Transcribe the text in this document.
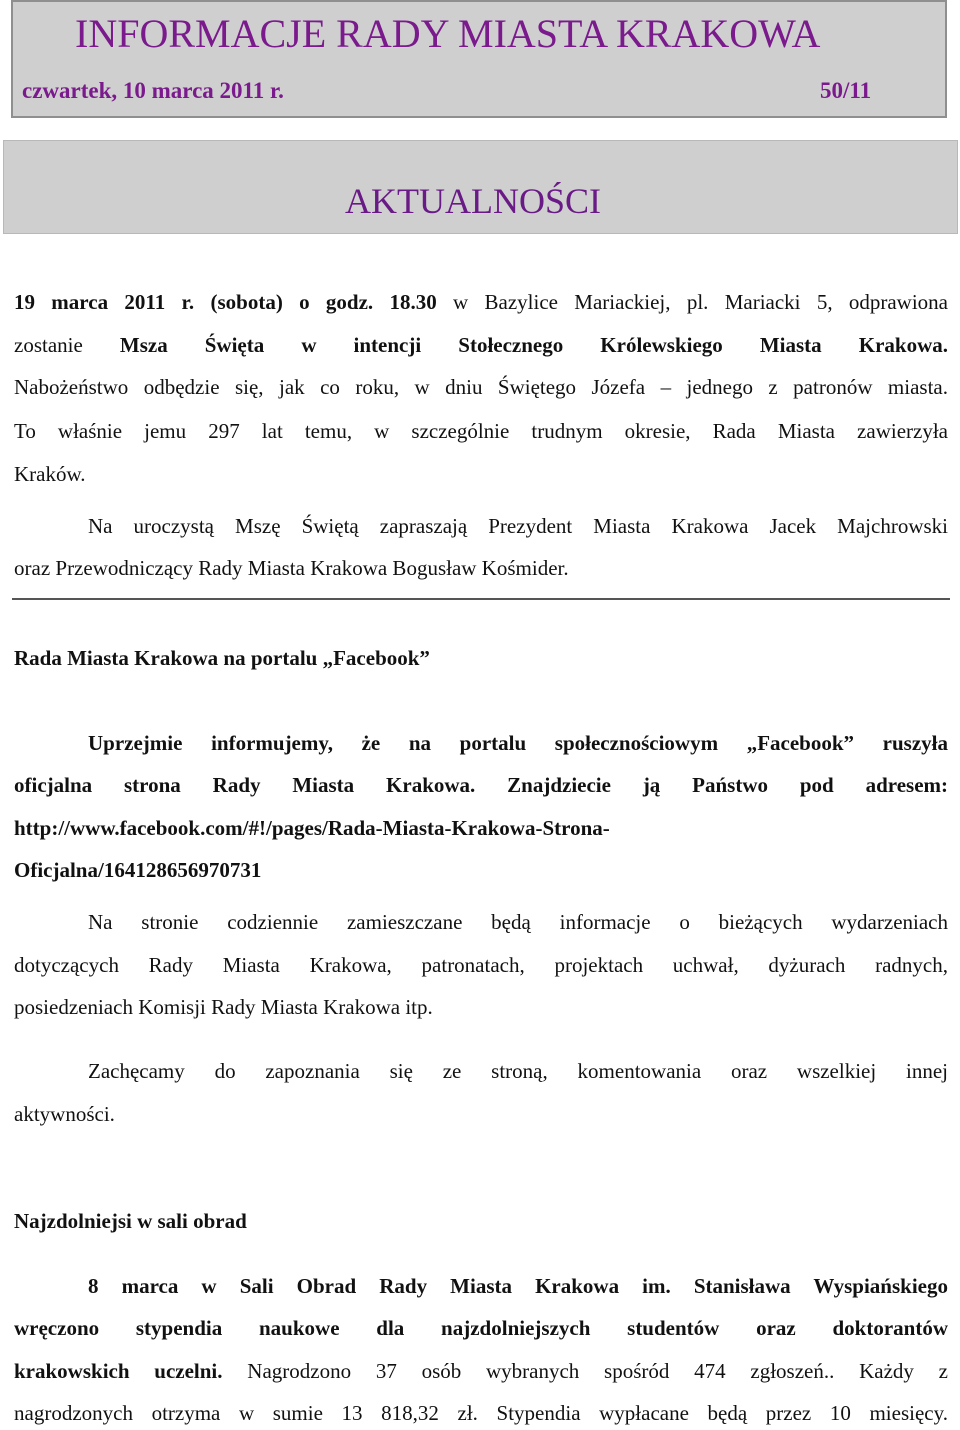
INFORMACJE RADY MIASTA KRAKOWA
czwartek, 10 marca 2011 r.	50/11
AKTUALNOŚCI
19 marca 2011 r. (sobota) o godz. 18.30 w Bazylice Mariackiej, pl. Mariacki 5, odprawiona
zostanie Msza Święta w intencji Stołecznego Królewskiego Miasta Krakowa.
Nabożeństwo odbędzie się, jak co roku, w dniu Świętego Józefa – jednego z patronów miasta.
To właśnie jemu 297 lat temu, w szczególnie trudnym okresie, Rada Miasta zawierzyła
Kraków.
Na uroczystą Mszę Świętą zapraszają Prezydent Miasta Krakowa Jacek Majchrowski
oraz Przewodniczący Rady Miasta Krakowa Bogusław Kośmider.
Rada Miasta Krakowa na portalu „Facebook”
Uprzejmie informujemy, że na portalu społecznościowym „Facebook” ruszyła
oficjalna strona Rady Miasta Krakowa. Znajdziecie ją Państwo pod adresem:
http://www.facebook.com/#!/pages/Rada-Miasta-Krakowa-Strona-
Oficjalna/164128656970731
Na stronie codziennie zamieszczane będą informacje o bieżących wydarzeniach
dotyczących Rady Miasta Krakowa, patronatach, projektach uchwał, dyżurach radnych,
posiedzeniach Komisji Rady Miasta Krakowa itp.
Zachęcamy do zapoznania się ze stroną, komentowania oraz wszelkiej innej
aktywności.
Najzdolniejsi w sali obrad
8 marca w Sali Obrad Rady Miasta Krakowa im. Stanisława Wyspiańskiego
wręczono stypendia naukowe dla najzdolniejszych studentów oraz doktorantów
krakowskich uczelni. Nagrodzono 37 osób wybranych spośród 474 zgłoszeń.. Każdy z
nagrodzonych otrzyma w sumie 13 818,32 zł. Stypendia wypłacane będą przez 10 miesięcy.
